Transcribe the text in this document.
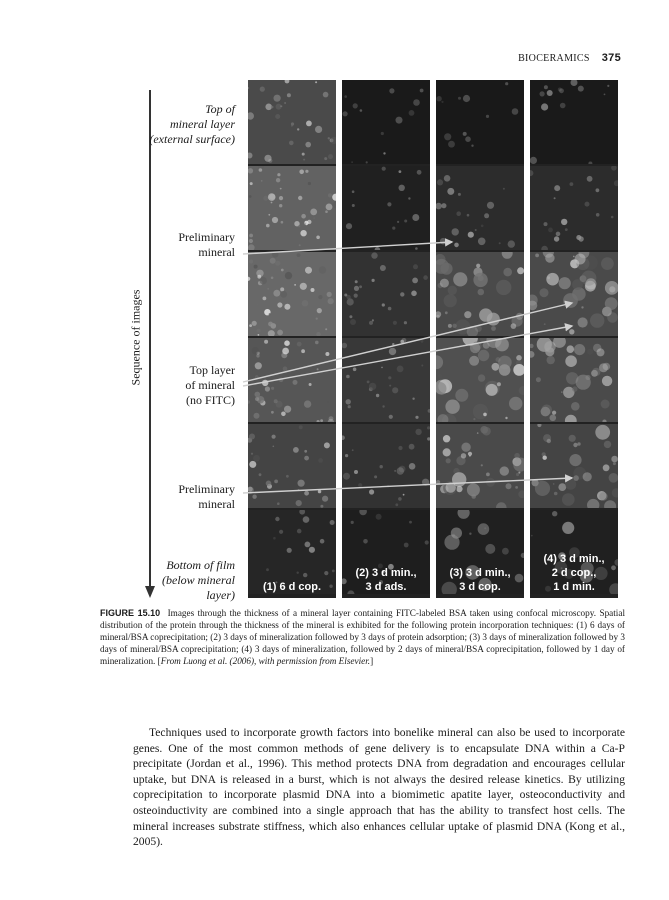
BIOCERAMICS 375
Sequence of images
Top of
mineral layer
(external surface)
Preliminary
mineral
Top layer
of mineral
(no FITC)
Preliminary
mineral
Bottom of film
(below mineral
layer)
(1) 6 d cop.
(2) 3 d min.,
3 d ads.
(3) 3 d min.,
3 d cop.
(4) 3 d min.,
2 d cop.,
1 d min.
FIGURE 15.10 Images through the thickness of a mineral layer containing FITC-labeled BSA taken using confocal microscopy. Spatial distribution of the protein through the thickness of the mineral is exhibited for the following protein incorporation techniques: (1) 6 days of mineral/BSA coprecipitation; (2) 3 days of mineralization followed by 3 days of protein adsorption; (3) 3 days of mineralization followed by 3 days of mineral/BSA coprecipitation; (4) 3 days of mineralization, followed by 2 days of mineral/BSA coprecipitation, followed by 1 day of mineralization. [From Luong et al. (2006), with permission from Elsevier.]
Techniques used to incorporate growth factors into bonelike mineral can also be used to incorporate genes. One of the most common methods of gene delivery is to encapsulate DNA within a Ca-P precipitate (Jordan et al., 1996). This method protects DNA from degradation and encourages cellular uptake, but DNA is released in a burst, which is not always the desired release kinetics. By utilizing coprecipitation to incorporate plasmid DNA into a biomimetic apatite layer, osteoconductivity and osteoinductivity are combined into a single approach that has the ability to transfect host cells. The mineral increases substrate stiffness, which also enhances cellular uptake of plasmid DNA (Kong et al., 2005).
